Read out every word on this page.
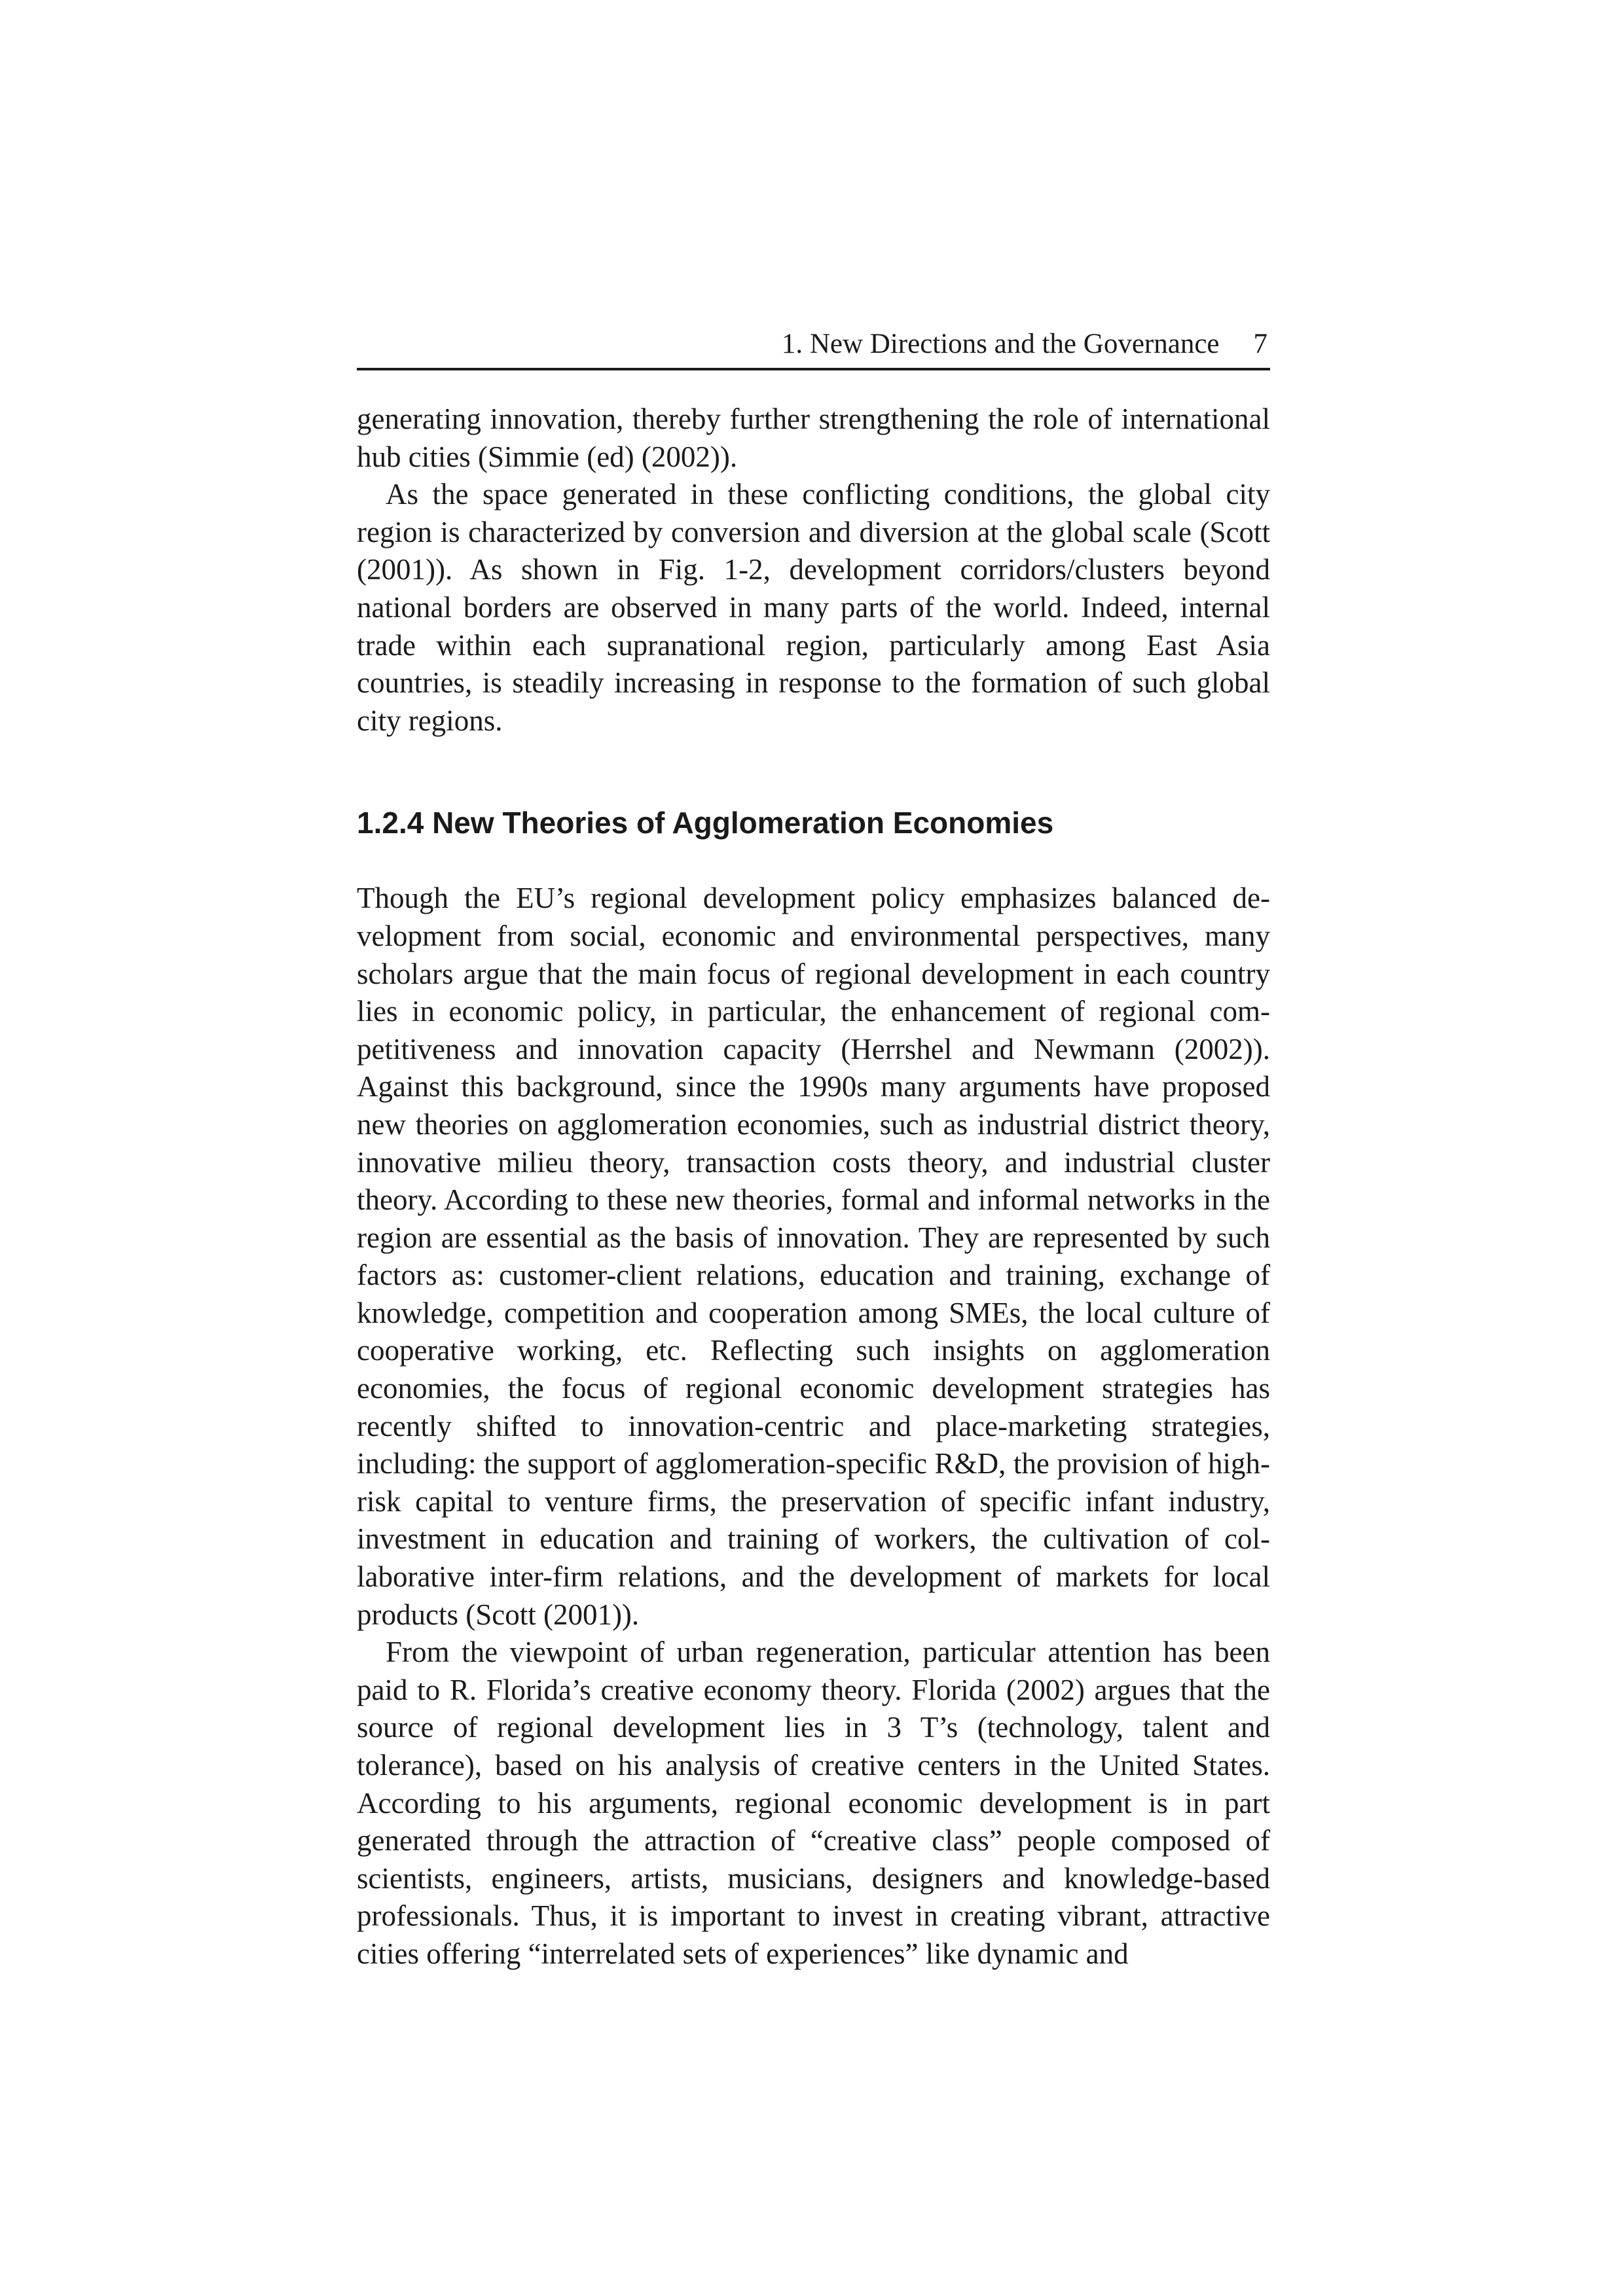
1. New Directions and the Governance 7

generating innovation, thereby further strengthening the role of international hub cities (Simmie (ed) (2002)).

As the space generated in these conflicting conditions, the global city region is characterized by conversion and diversion at the global scale (Scott (2001)). As shown in Fig. 1-2, development corridors/clusters beyond national borders are observed in many parts of the world. Indeed, internal trade within each supranational region, particularly among East Asia countries, is steadily increasing in response to the formation of such global city regions.

1.2.4 New Theories of Agglomeration Economies

Though the EU’s regional development policy emphasizes balanced development from social, economic and environmental perspectives, many scholars argue that the main focus of regional development in each country lies in economic policy, in particular, the enhancement of regional competitiveness and innovation capacity (Herrshel and Newmann (2002)). Against this background, since the 1990s many arguments have proposed new theories on agglomeration economies, such as industrial district theory, innovative milieu theory, transaction costs theory, and industrial cluster theory. According to these new theories, formal and informal networks in the region are essential as the basis of innovation. They are represented by such factors as: customer-client relations, education and training, exchange of knowledge, competition and cooperation among SMEs, the local culture of cooperative working, etc. Reflecting such insights on agglomeration economies, the focus of regional economic development strategies has recently shifted to innovation-centric and place-marketing strategies, including: the support of agglomeration-specific R&D, the provision of high-risk capital to venture firms, the preservation of specific infant industry, investment in education and training of workers, the cultivation of collaborative inter-firm relations, and the development of markets for local products (Scott (2001)).

From the viewpoint of urban regeneration, particular attention has been paid to R. Florida’s creative economy theory. Florida (2002) argues that the source of regional development lies in 3 T’s (technology, talent and tolerance), based on his analysis of creative centers in the United States. According to his arguments, regional economic development is in part generated through the attraction of “creative class” people composed of scientists, engineers, artists, musicians, designers and knowledge-based professionals. Thus, it is important to invest in creating vibrant, attractive cities offering “interrelated sets of experiences” like dynamic and
